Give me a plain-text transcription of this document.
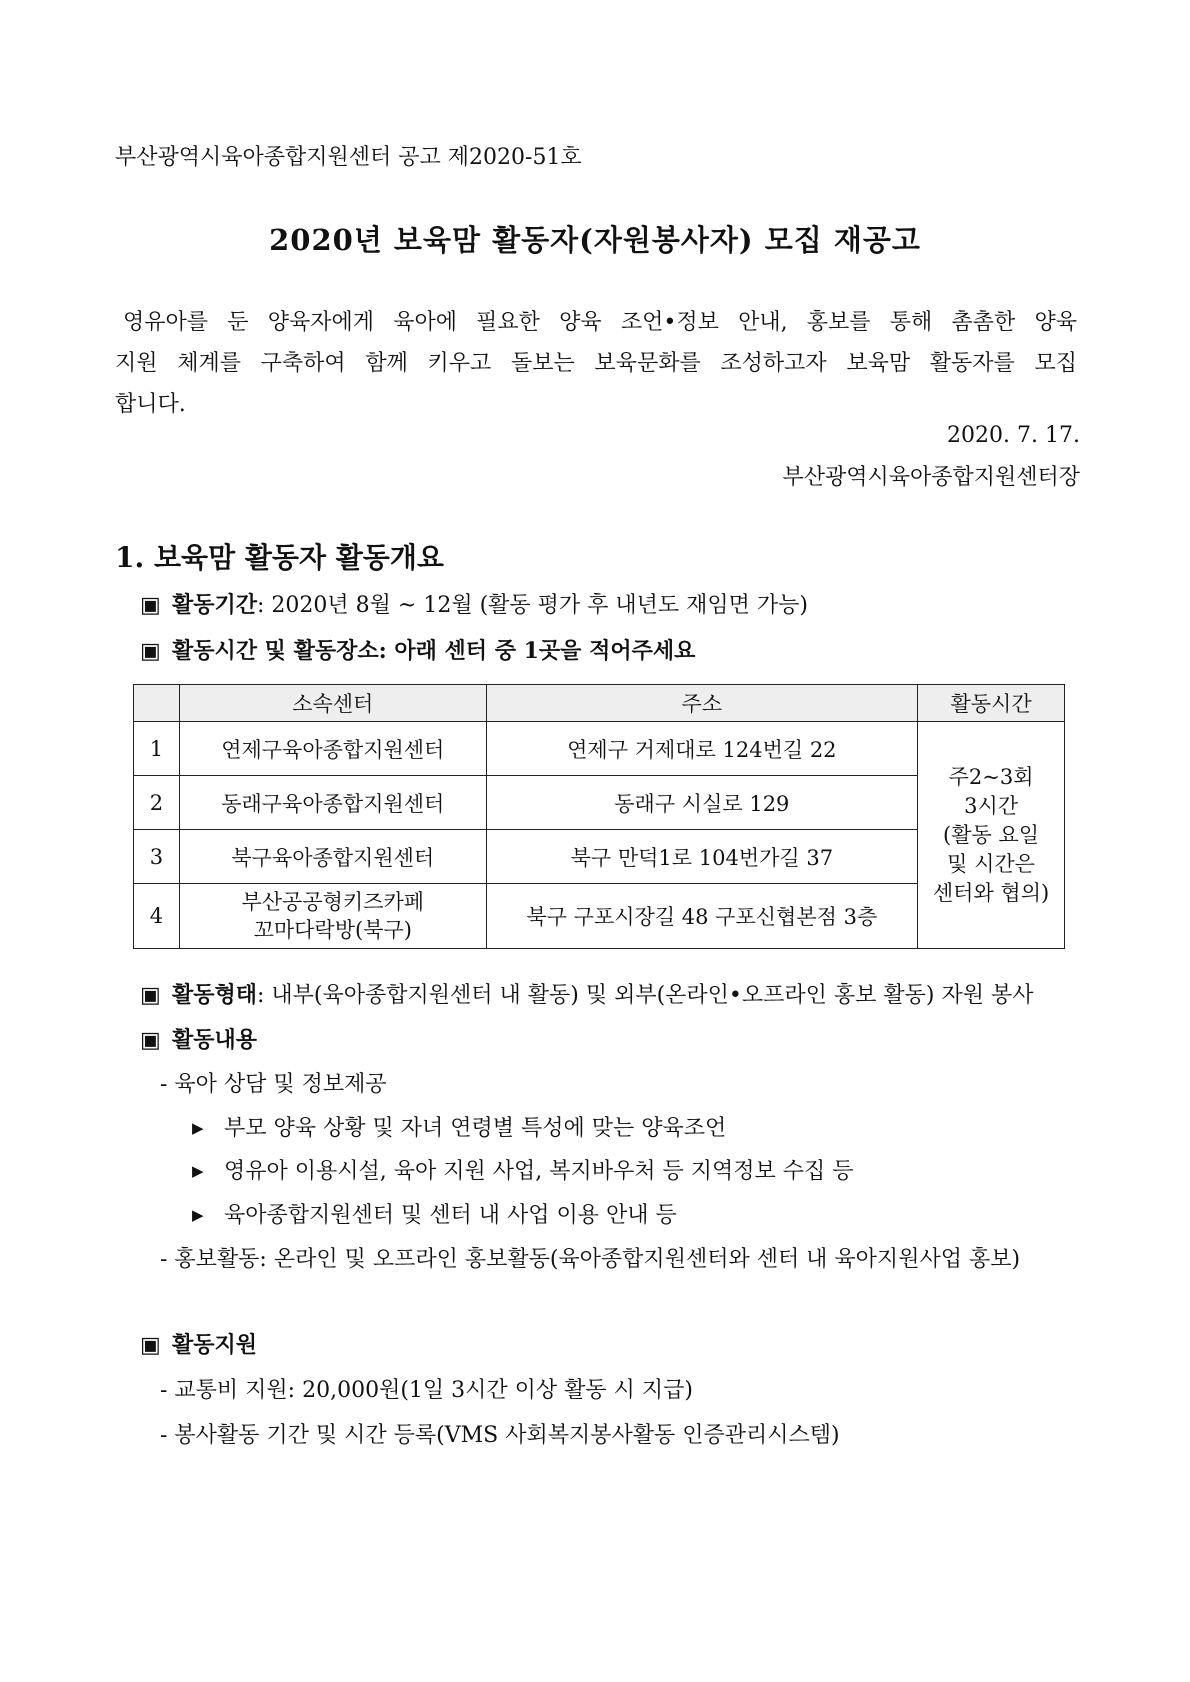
부산광역시육아종합지원센터 공고 제2020-51호
2020년 보육맘 활동자(자원봉사자) 모집 재공고
영유아를 둔 양육자에게 육아에 필요한 양육 조언•정보 안내, 홍보를 통해 촘촘한 양육
지원 체계를 구축하여 함께 키우고 돌보는 보육문화를 조성하고자 보육맘 활동자를 모집
합니다.
2020. 7. 17.
부산광역시육아종합지원센터장
1. 보육맘 활동자 활동개요
▣ 활동기간: 2020년 8월 ~ 12월 (활동 평가 후 내년도 재임면 가능)
▣ 활동시간 및 활동장소: 아래 센터 중 1곳을 적어주세요
	소속센터	주소	활동시간
1	연제구육아종합지원센터	연제구 거제대로 124번길 22	주2~3회
3시간
(활동 요일
및 시간은
센터와 협의)

2	동래구육아종합지원센터	동래구 시실로 129	
3	북구육아종합지원센터	북구 만덕1로 104번가길 37	
4	부산공공형키즈카페
꼬마다락방(북구)	북구 구포시장길 48 구포신협본점 3층	
▣ 활동형태: 내부(육아종합지원센터 내 활동) 및 외부(온라인•오프라인 홍보 활동) 자원 봉사
▣ 활동내용
- 육아 상담 및 정보제공
▶ 부모 양육 상황 및 자녀 연령별 특성에 맞는 양육조언
▶ 영유아 이용시설, 육아 지원 사업, 복지바우처 등 지역정보 수집 등
▶ 육아종합지원센터 및 센터 내 사업 이용 안내 등
- 홍보활동: 온라인 및 오프라인 홍보활동(육아종합지원센터와 센터 내 육아지원사업 홍보)
▣ 활동지원
- 교통비 지원: 20,000원(1일 3시간 이상 활동 시 지급)
- 봉사활동 기간 및 시간 등록(VMS 사회복지봉사활동 인증관리시스템)
